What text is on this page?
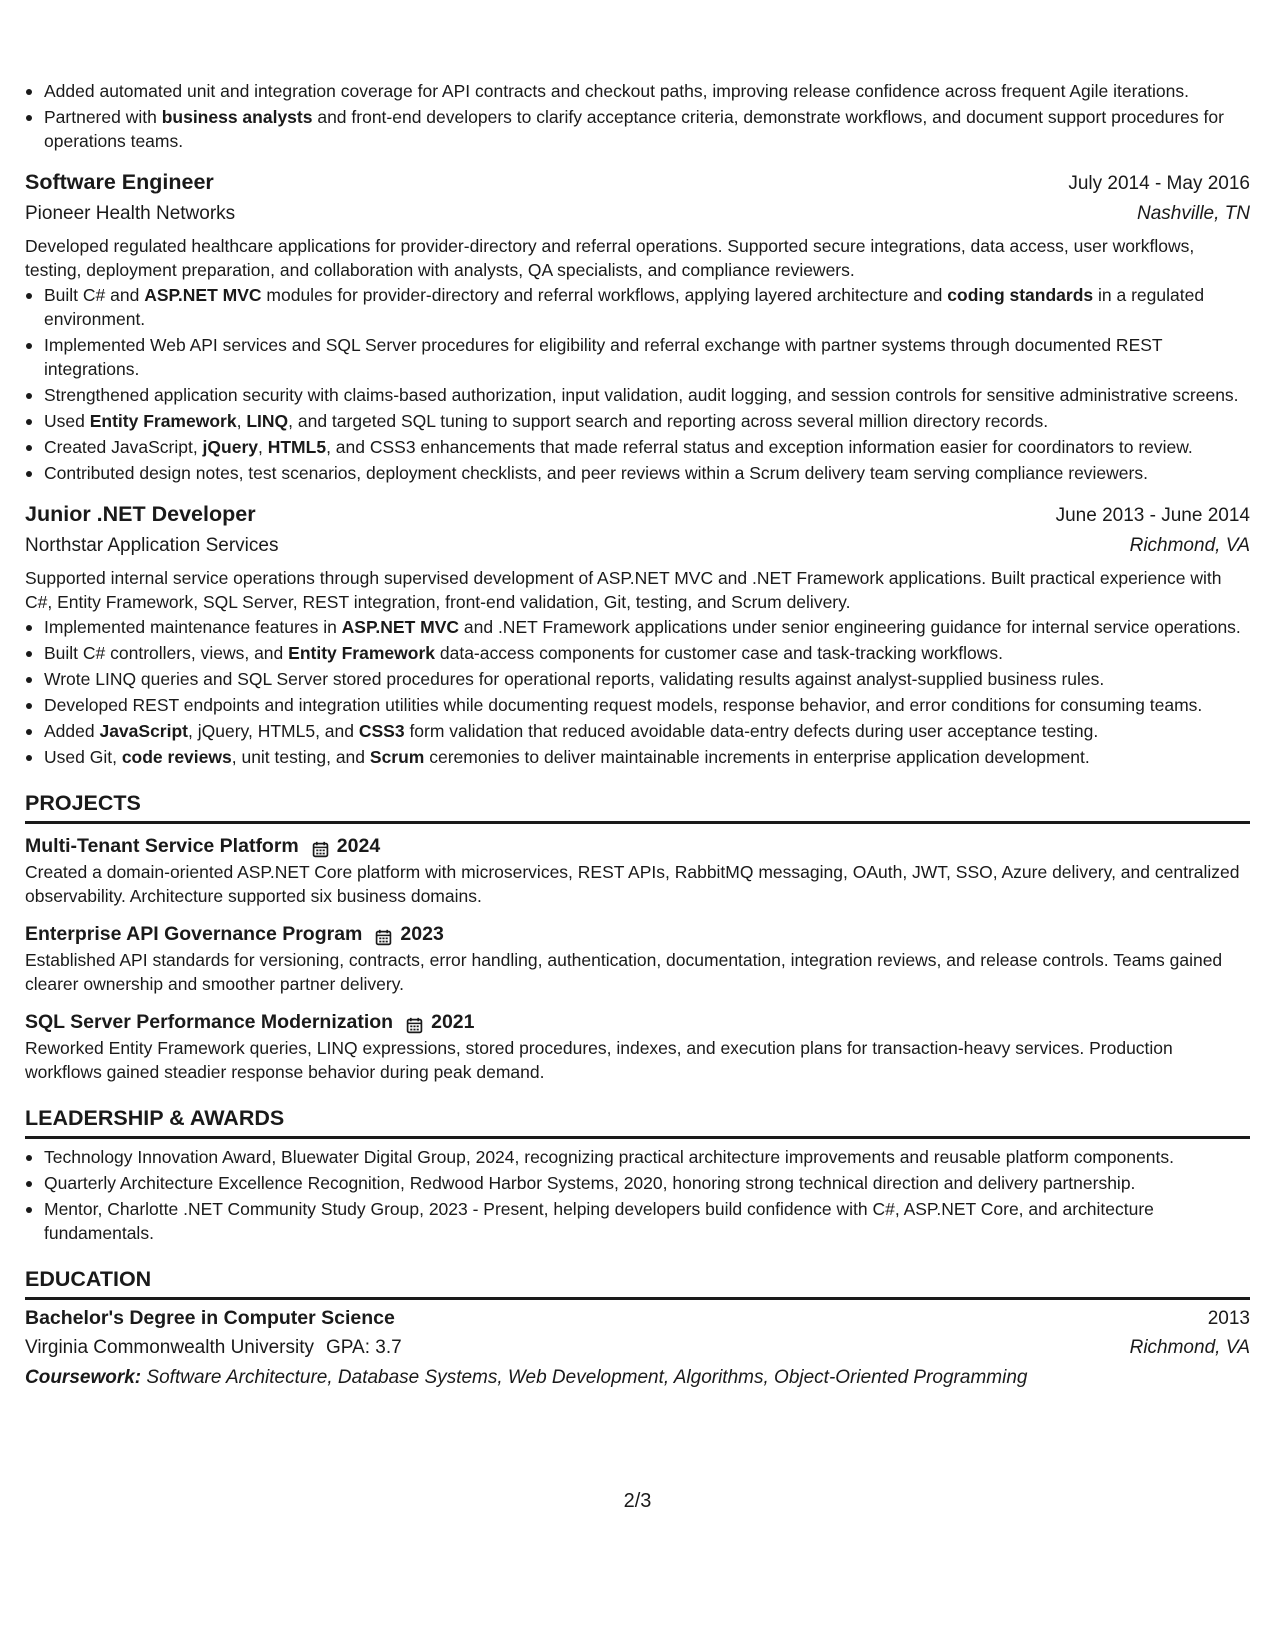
Added automated unit and integration coverage for API contracts and checkout paths, improving release confidence across frequent Agile iterations.
Partnered with business analysts and front-end developers to clarify acceptance criteria, demonstrate workflows, and document support procedures for operations teams.
Software Engineer	July 2014 - May 2016
Pioneer Health Networks	Nashville, TN
Developed regulated healthcare applications for provider-directory and referral operations. Supported secure integrations, data access, user workflows, testing, deployment preparation, and collaboration with analysts, QA specialists, and compliance reviewers.
Built C# and ASP.NET MVC modules for provider-directory and referral workflows, applying layered architecture and coding standards in a regulated environment.
Implemented Web API services and SQL Server procedures for eligibility and referral exchange with partner systems through documented REST integrations.
Strengthened application security with claims-based authorization, input validation, audit logging, and session controls for sensitive administrative screens.
Used Entity Framework, LINQ, and targeted SQL tuning to support search and reporting across several million directory records.
Created JavaScript, jQuery, HTML5, and CSS3 enhancements that made referral status and exception information easier for coordinators to review.
Contributed design notes, test scenarios, deployment checklists, and peer reviews within a Scrum delivery team serving compliance reviewers.
Junior .NET Developer	June 2013 - June 2014
Northstar Application Services	Richmond, VA
Supported internal service operations through supervised development of ASP.NET MVC and .NET Framework applications. Built practical experience with C#, Entity Framework, SQL Server, REST integration, front-end validation, Git, testing, and Scrum delivery.
Implemented maintenance features in ASP.NET MVC and .NET Framework applications under senior engineering guidance for internal service operations.
Built C# controllers, views, and Entity Framework data-access components for customer case and task-tracking workflows.
Wrote LINQ queries and SQL Server stored procedures for operational reports, validating results against analyst-supplied business rules.
Developed REST endpoints and integration utilities while documenting request models, response behavior, and error conditions for consuming teams.
Added JavaScript, jQuery, HTML5, and CSS3 form validation that reduced avoidable data-entry defects during user acceptance testing.
Used Git, code reviews, unit testing, and Scrum ceremonies to deliver maintainable increments in enterprise application development.
PROJECTS
Multi-Tenant Service Platform 2024
Created a domain-oriented ASP.NET Core platform with microservices, REST APIs, RabbitMQ messaging, OAuth, JWT, SSO, Azure delivery, and centralized observability. Architecture supported six business domains.
Enterprise API Governance Program 2023
Established API standards for versioning, contracts, error handling, authentication, documentation, integration reviews, and release controls. Teams gained clearer ownership and smoother partner delivery.
SQL Server Performance Modernization 2021
Reworked Entity Framework queries, LINQ expressions, stored procedures, indexes, and execution plans for transaction-heavy services. Production workflows gained steadier response behavior during peak demand.
LEADERSHIP & AWARDS
Technology Innovation Award, Bluewater Digital Group, 2024, recognizing practical architecture improvements and reusable platform components.
Quarterly Architecture Excellence Recognition, Redwood Harbor Systems, 2020, honoring strong technical direction and delivery partnership.
Mentor, Charlotte .NET Community Study Group, 2023 - Present, helping developers build confidence with C#, ASP.NET Core, and architecture fundamentals.
EDUCATION
Bachelor's Degree in Computer Science	2013
Virginia Commonwealth University GPA: 3.7	Richmond, VA
Coursework: Software Architecture, Database Systems, Web Development, Algorithms, Object-Oriented Programming
2/3
